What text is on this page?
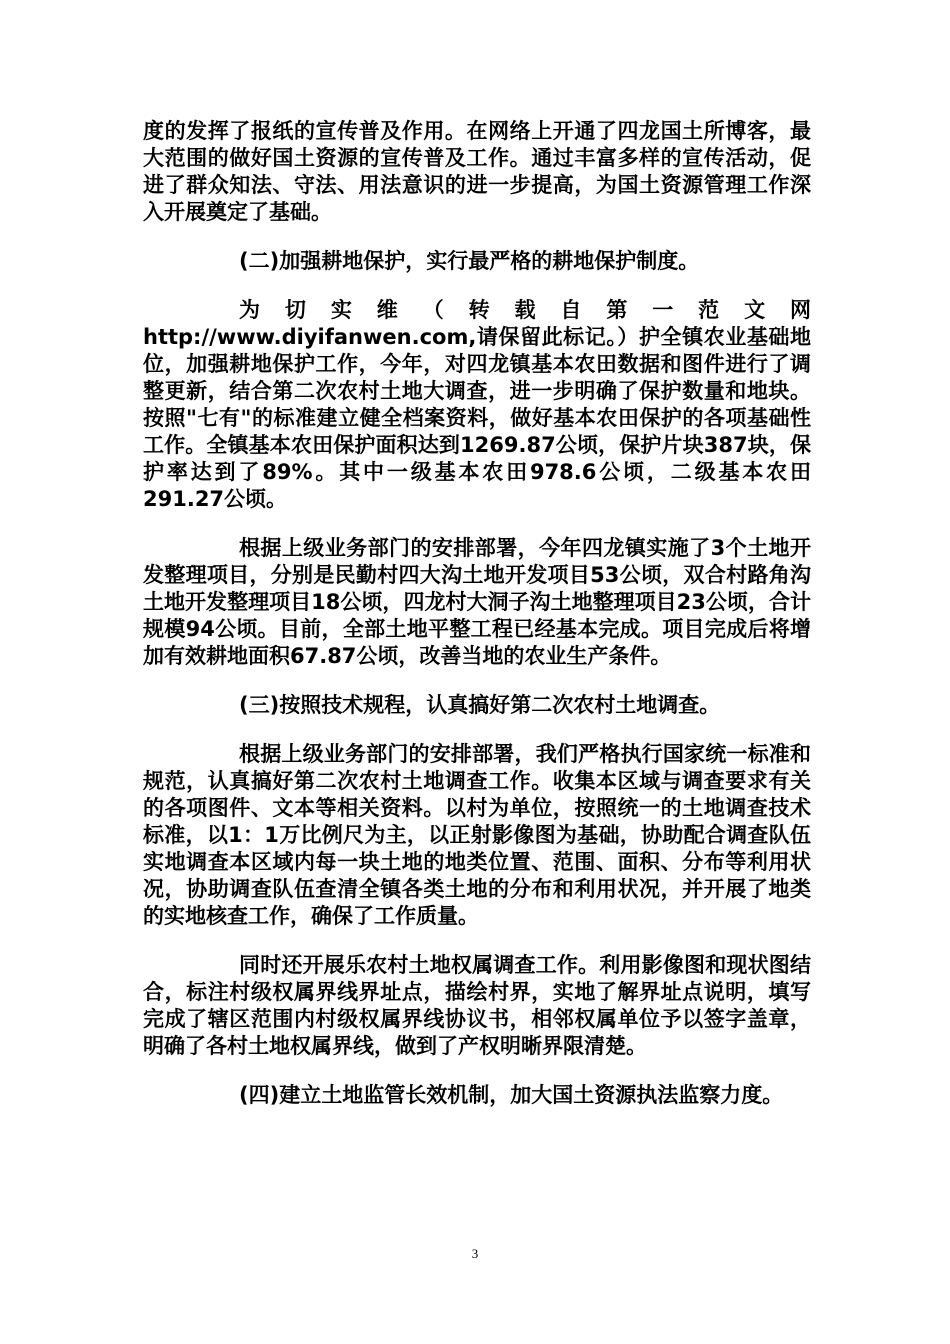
度的发挥了报纸的宣传普及作用。在网络上开通了四龙国土所博客，最大范围的做好国土资源的宣传普及工作。通过丰富多样的宣传活动，促进了群众知法、守法、用法意识的进一步提高，为国土资源管理工作深入开展奠定了基础。

(二)加强耕地保护，实行最严格的耕地保护制度。

为切实维（转载自第一范文网http://www.diyifanwen.com,请保留此标记。）护全镇农业基础地位，加强耕地保护工作，今年，对四龙镇基本农田数据和图件进行了调整更新，结合第二次农村土地大调查，进一步明确了保护数量和地块。按照"七有"的标准建立健全档案资料，做好基本农田保护的各项基础性工作。全镇基本农田保护面积达到1269.87公顷，保护片块387块，保护率达到了89%。其中一级基本农田978.6公顷，二级基本农田 291.27公顷。

根据上级业务部门的安排部署，今年四龙镇实施了3个土地开发整理项目，分别是民勤村四大沟土地开发项目53公顷，双合村路角沟土地开发整理项目18公顷，四龙村大洞子沟土地整理项目23公顷，合计规模94公顷。目前，全部土地平整工程已经基本完成。项目完成后将增加有效耕地面积67.87公顷，改善当地的农业生产条件。

(三)按照技术规程，认真搞好第二次农村土地调查。

根据上级业务部门的安排部署，我们严格执行国家统一标准和规范，认真搞好第二次农村土地调查工作。收集本区域与调查要求有关的各项图件、文本等相关资料。以村为单位，按照统一的土地调查技术标准，以1：1万比例尺为主，以正射影像图为基础，协助配合调查队伍实地调查本区域内每一块土地的地类位置、范围、面积、分布等利用状况，协助调查队伍查清全镇各类土地的分布和利用状况，并开展了地类的实地核查工作，确保了工作质量。

同时还开展乐农村土地权属调查工作。利用影像图和现状图结合，标注村级权属界线界址点，描绘村界，实地了解界址点说明，填写完成了辖区范围内村级权属界线协议书，相邻权属单位予以签字盖章，明确了各村土地权属界线，做到了产权明晰界限清楚。

(四)建立土地监管长效机制，加大国土资源执法监察力度。

3
